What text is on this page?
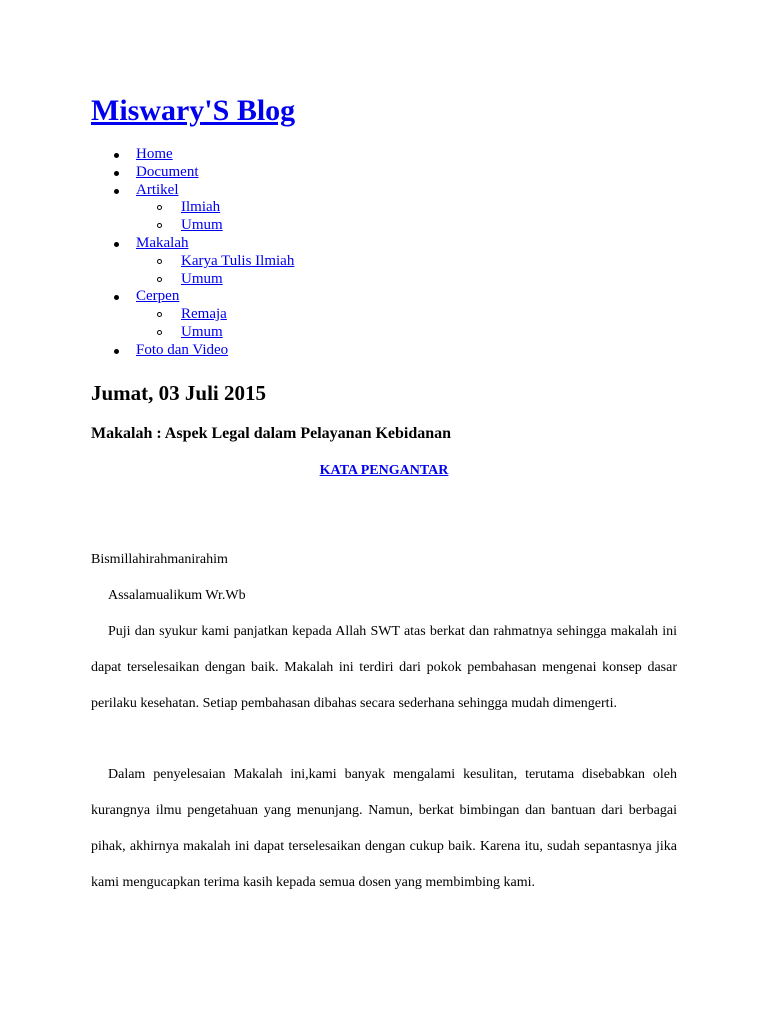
Miswary'S Blog
Home
Document
Artikel
Ilmiah
Umum
Makalah
Karya Tulis Ilmiah
Umum
Cerpen
Remaja
Umum
Foto dan Video
Jumat, 03 Juli 2015
Makalah : Aspek Legal dalam Pelayanan Kebidanan
KATA PENGANTAR
Bismillahirahmanirahim
Assalamualikum Wr.Wb

Puji dan syukur kami panjatkan kepada Allah SWT atas berkat dan rahmatnya sehingga makalah ini dapat terselesaikan dengan baik. Makalah ini terdiri dari pokok pembahasan mengenai konsep dasar perilaku kesehatan. Setiap pembahasan dibahas secara sederhana sehingga mudah dimengerti.

Dalam penyelesaian Makalah ini,kami banyak mengalami kesulitan, terutama disebabkan oleh kurangnya ilmu pengetahuan yang menunjang. Namun, berkat bimbingan dan bantuan dari berbagai pihak, akhirnya makalah ini dapat terselesaikan dengan cukup baik. Karena itu, sudah sepantasnya jika kami mengucapkan terima kasih kepada semua dosen yang membimbing kami.
